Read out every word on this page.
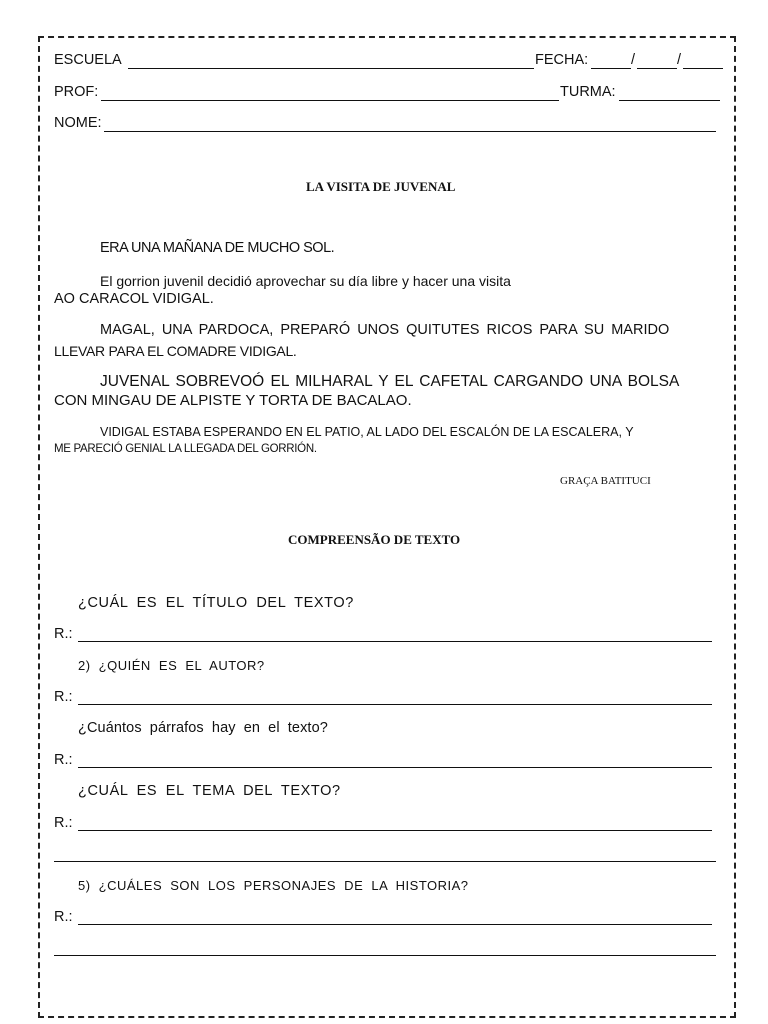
ESCUELA	FECHA:	/	/
PROF:	TURMA:
NOME:
LA VISITA DE JUVENAL
ERA UNA MAÑANA DE MUCHO SOL.
El gorrion juvenil decidió aprovechar su día libre y hacer una visita
AO CARACOL VIDIGAL.
MAGAL, UNA PARDOCA, PREPARÓ UNOS QUITUTES RICOS PARA SU MARIDO
LLEVAR PARA EL COMADRE VIDIGAL.
JUVENAL SOBREVOÓ EL MILHARAL Y EL CAFETAL CARGANDO UNA BOLSA
CON MINGAU DE ALPISTE Y TORTA DE BACALAO.
VIDIGAL ESTABA ESPERANDO EN EL PATIO, AL LADO DEL ESCALÓN DE LA ESCALERA, Y
ME PARECIÓ GENIAL LA LLEGADA DEL GORRIÓN.
GRAÇA BATITUCI
COMPREENSÃO DE TEXTO
¿CUÁL ES EL TÍTULO DEL TEXTO?
R.:
2) ¿QUIÉN ES EL AUTOR?
R.:
¿Cuántos párrafos hay en el texto?
R.:
¿CUÁL ES EL TEMA DEL TEXTO?
R.:
5) ¿CUÁLES SON LOS PERSONAJES DE LA HISTORIA?
R.:
